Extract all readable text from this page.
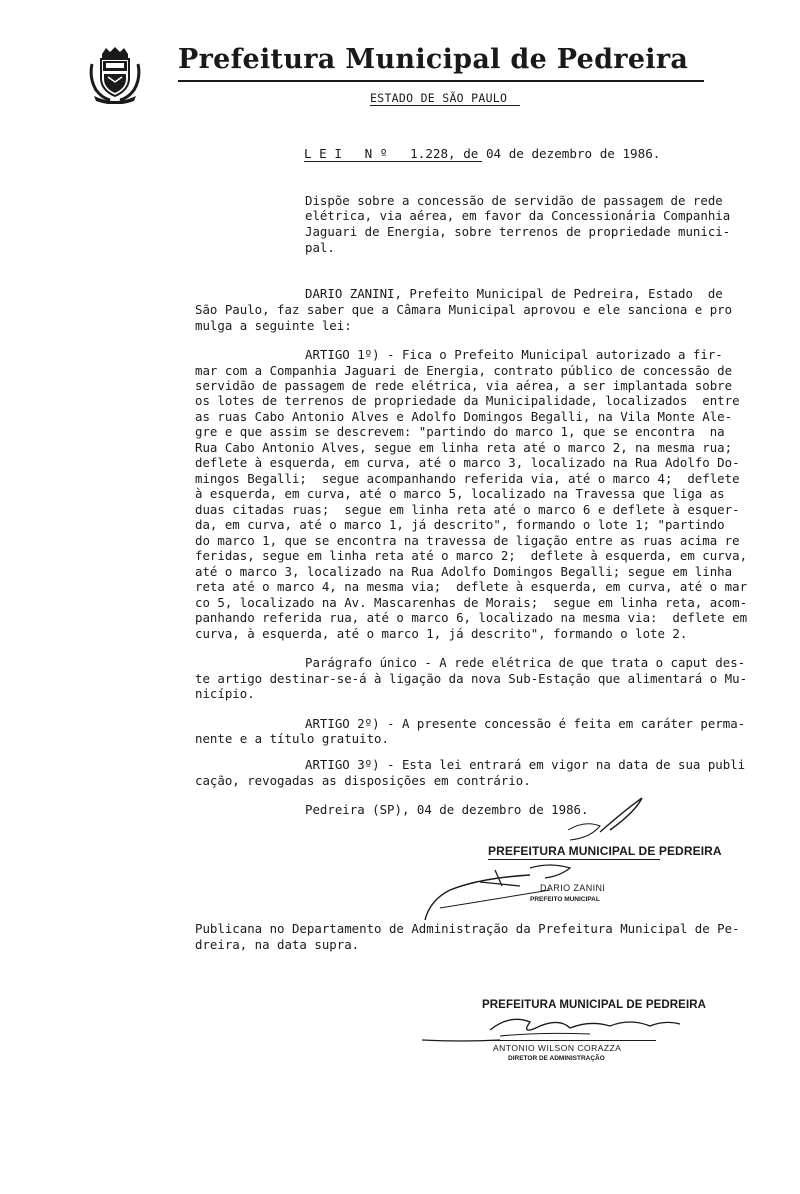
Prefeitura Municipal de Pedreira
ESTADO DE SÃO PAULO
L E I   N º   1.228, de 04 de dezembro de 1986.
Dispõe sobre a concessão de servidão de passagem de rede
elétrica, via aérea, em favor da Concessionária Companhia
Jaguari de Energia, sobre terrenos de propriedade munici-
pal.
DARIO ZANINI, Prefeito Municipal de Pedreira, Estado  de
São Paulo, faz saber que a Câmara Municipal aprovou e ele sanciona e pro
mulga a seguinte lei:
ARTIGO 1º) - Fica o Prefeito Municipal autorizado a fir-
mar com a Companhia Jaguari de Energia, contrato público de concessão de
servidão de passagem de rede elétrica, via aérea, a ser implantada sobre
os lotes de terrenos de propriedade da Municipalidade, localizados  entre
as ruas Cabo Antonio Alves e Adolfo Domingos Begalli, na Vila Monte Ale-
gre e que assim se descrevem: "partindo do marco 1, que se encontra  na
Rua Cabo Antonio Alves, segue em linha reta até o marco 2, na mesma rua;
deflete à esquerda, em curva, até o marco 3, localizado na Rua Adolfo Do-
mingos Begalli;  segue acompanhando referida via, até o marco 4;  deflete
à esquerda, em curva, até o marco 5, localizado na Travessa que liga as
duas citadas ruas;  segue em linha reta até o marco 6 e deflete à esquer-
da, em curva, até o marco 1, já descrito", formando o lote 1; "partindo
do marco 1, que se encontra na travessa de ligação entre as ruas acima re
feridas, segue em linha reta até o marco 2;  deflete à esquerda, em curva,
até o marco 3, localizado na Rua Adolfo Domingos Begalli; segue em linha
reta até o marco 4, na mesma via;  deflete à esquerda, em curva, até o mar
co 5, localizado na Av. Mascarenhas de Morais;  segue em linha reta, acom-
panhando referida rua, até o marco 6, localizado na mesma via:  deflete em
curva, à esquerda, até o marco 1, já descrito", formando o lote 2.
Parágrafo único - A rede elétrica de que trata o caput des-
te artigo destinar-se-á à ligação da nova Sub-Estação que alimentará o Mu-
nicípio.
ARTIGO 2º) - A presente concessão é feita em caráter perma-
nente e a título gratuito.
ARTIGO 3º) - Esta lei entrará em vigor na data de sua publi
cação, revogadas as disposições em contrário.
Pedreira (SP), 04 de dezembro de 1986.
PREFEITURA MUNICIPAL DE PEDREIRA
DARIO ZANINI
PREFEITO MUNICIPAL
Publicana no Departamento de Administração da Prefeitura Municipal de Pe-
dreira, na data supra.
PREFEITURA MUNICIPAL DE PEDREIRA
ANTONIO WILSON CORAZZA
DIRETOR DE ADMINISTRAÇÃO
